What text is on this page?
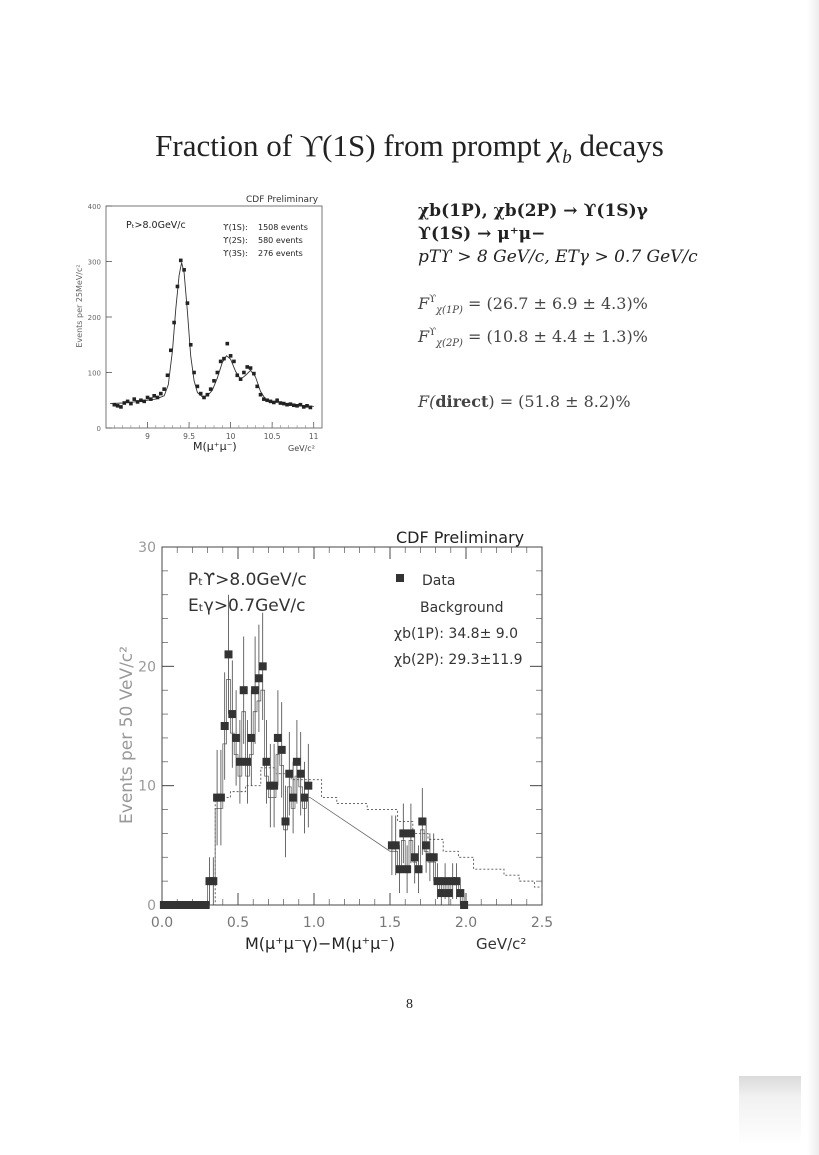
Fraction of ϒ(1S) from prompt $\chi_b$ decays
9	9.5	10	10.5	11
0
100
200
300
400
CDF Preliminary
Pₜ>8.0GeV/c	ϒ(1S): 1508 events
ϒ(2S): 580 events
ϒ(3S): 276 events
M(μ⁺μ⁻)	GeV/c²
Events per 25MeV/c²
χb(1P), χb(2P) → ϒ(1S)γ
ϒ(1S) → μ⁺μ−
pTϒ > 8 GeV/c, ETγ > 0.7 GeV/c
$F^ϒ_{\chi(1P)} = (26.7 \pm 6.9 \pm 4.3)\%$
$F^ϒ_{\chi(2P)} = (10.8 \pm 4.4 \pm 1.3)\%$
F(direct) = (51.8 ± 8.2)%
0.0	0.5	1.0	1.5	2.0	2.5
0
10
20
30
CDF Preliminary
Pₜϒ>8.0GeV/c
Eₜγ>0.7GeV/c
Data
Background
χb(1P): 34.8± 9.0
χb(2P): 29.3±11.9
M(μ⁺μ⁻γ)−M(μ⁺μ⁻)	GeV/c²
Events per 50 VeV/c²
8
